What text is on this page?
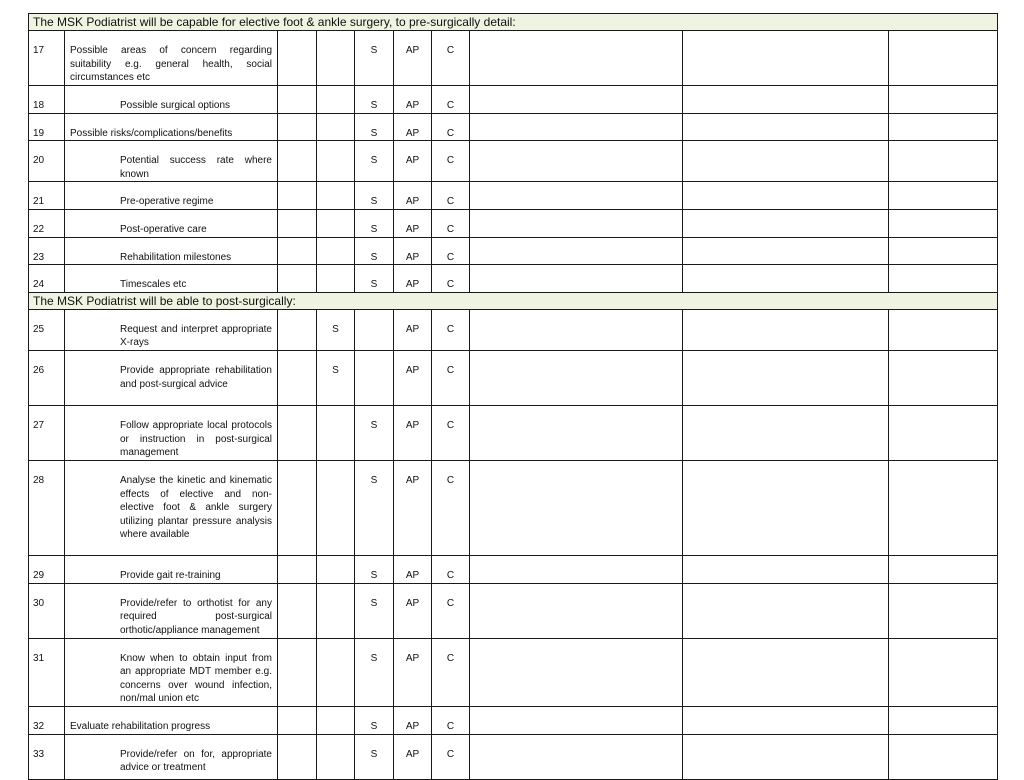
The MSK Podiatrist will be capable for elective foot & ankle surgery, to pre-surgically detail:									
17	Possible areas of concern regarding suitability e.g. general health, social circumstances etc			S	AP	C			
18	Possible surgical options			S	AP	C			
19	Possible risks/complications/benefits			S	AP	C			
20	Potential success rate where known			S	AP	C			
21	Pre-operative regime			S	AP	C			
22	Post-operative care			S	AP	C			
23	Rehabilitation milestones			S	AP	C			
24	Timescales etc			S	AP	C			
The MSK Podiatrist will be able to post-surgically:									
25	Request and interpret appropriate X-rays		S		AP	C			
26	Provide appropriate rehabilitation and post-surgical advice		S		AP	C			
27	Follow appropriate local protocols or instruction in post-surgical management			S	AP	C			
28	Analyse the kinetic and kinematic effects of elective and non-elective foot & ankle surgery utilizing plantar pressure analysis where available			S	AP	C			
29	Provide gait re-training			S	AP	C			
30	Provide/refer to orthotist for any required post-surgical orthotic/appliance management			S	AP	C			
31	Know when to obtain input from an appropriate MDT member e.g. concerns over wound infection, non/mal union etc			S	AP	C			
32	Evaluate rehabilitation progress			S	AP	C			
33	Provide/refer on for, appropriate advice or treatment			S	AP	C			
